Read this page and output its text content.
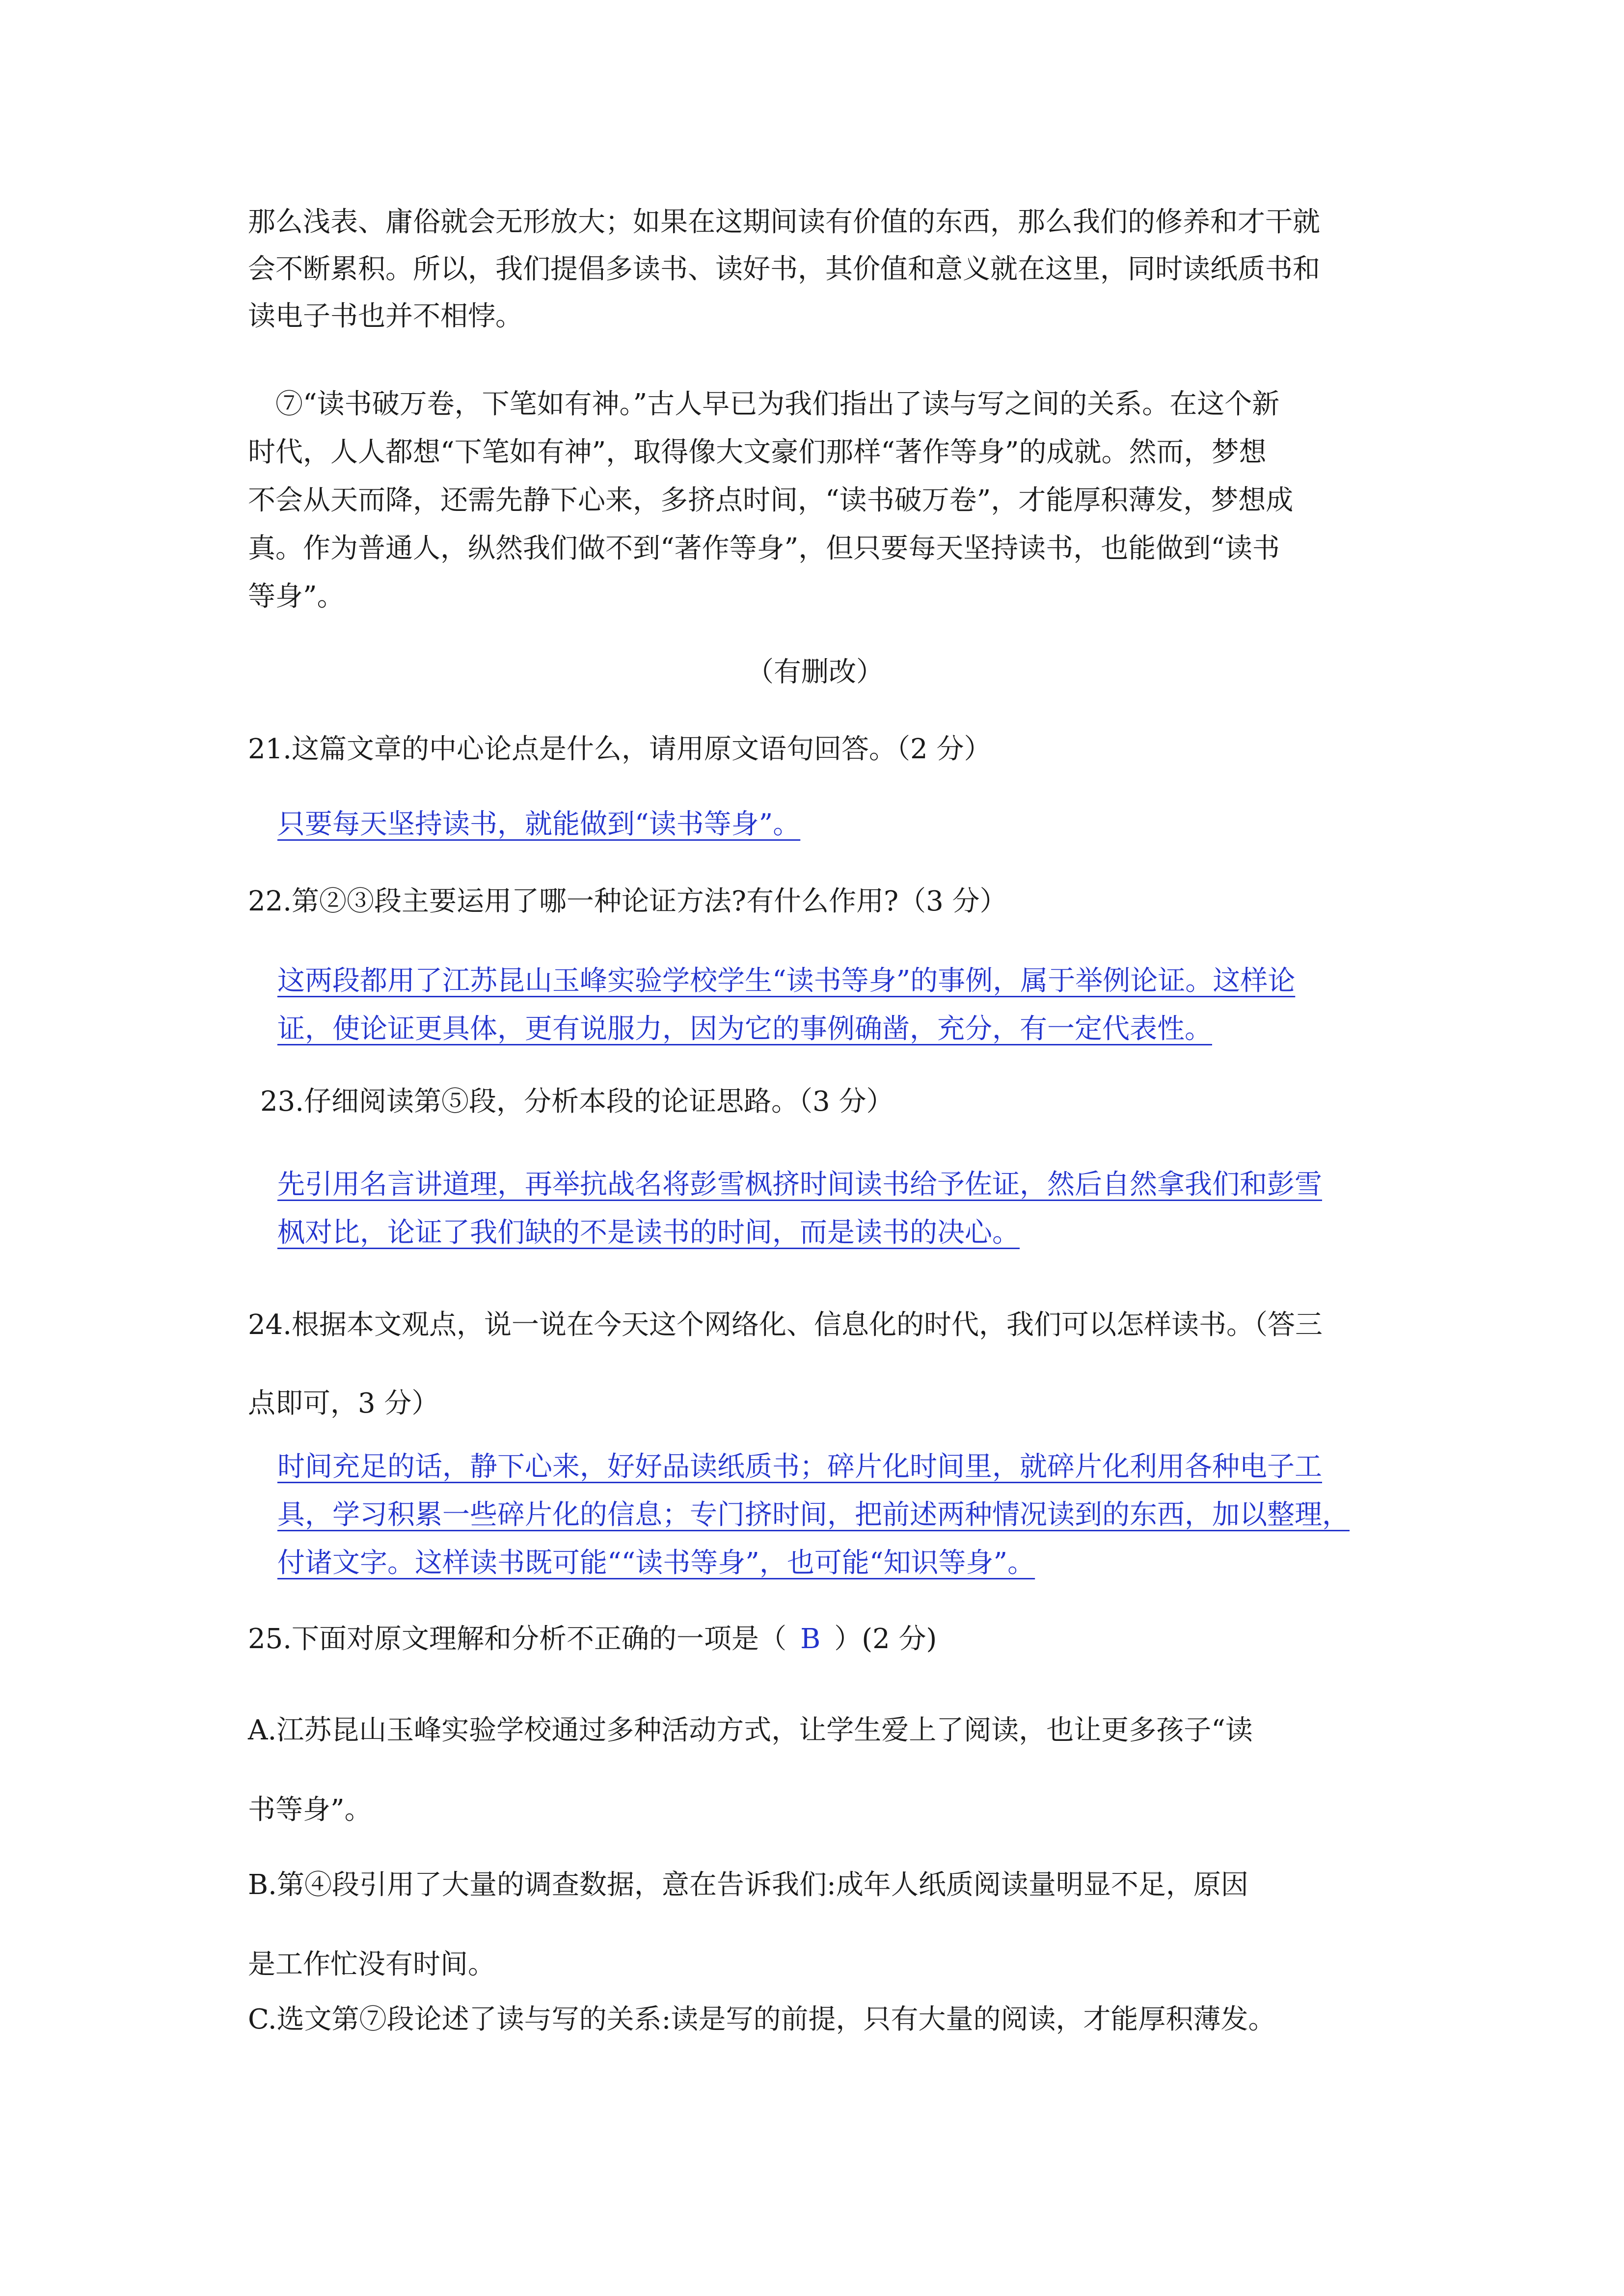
那么浅表、庸俗就会无形放大；如果在这期间读有价值的东西，那么我们的修养和才干就
会不断累积。所以，我们提倡多读书、读好书，其价值和意义就在这里，同时读纸质书和
读电子书也并不相悖。
　⑦“读书破万卷，下笔如有神。”古人早已为我们指出了读与写之间的关系。在这个新
时代，人人都想“下笔如有神”，取得像大文豪们那样“著作等身”的成就。然而，梦想
不会从天而降，还需先静下心来，多挤点时间，“读书破万卷”，才能厚积薄发，梦想成
真。作为普通人，纵然我们做不到“著作等身”，但只要每天坚持读书，也能做到“读书
等身”。
（有删改）
21.这篇文章的中心论点是什么，请用原文语句回答。（2 分）
只要每天坚持读书，就能做到“读书等身”。
22.第②③段主要运用了哪一种论证方法?有什么作用?（3 分）
这两段都用了江苏昆山玉峰实验学校学生“读书等身”的事例，属于举例论证。这样论
证，使论证更具体，更有说服力，因为它的事例确凿，充分，有一定代表性。
23.仔细阅读第⑤段，分析本段的论证思路。（3 分）
先引用名言讲道理，再举抗战名将彭雪枫挤时间读书给予佐证，然后自然拿我们和彭雪
枫对比，论证了我们缺的不是读书的时间，而是读书的决心。
24.根据本文观点，说一说在今天这个网络化、信息化的时代，我们可以怎样读书。（答三
点即可，3 分）
时间充足的话，静下心来，好好品读纸质书；碎片化时间里，就碎片化利用各种电子工
具，学习积累一些碎片化的信息；专门挤时间，把前述两种情况读到的东西，加以整理，
付诸文字。这样读书既可能““读书等身”，也可能“知识等身”。
25.下面对原文理解和分析不正确的一项是（ B ）(2 分)
A.江苏昆山玉峰实验学校通过多种活动方式，让学生爱上了阅读，也让更多孩子“读
书等身”。
B.第④段引用了大量的调查数据，意在告诉我们:成年人纸质阅读量明显不足，原因
是工作忙没有时间。
C.选文第⑦段论述了读与写的关系:读是写的前提，只有大量的阅读，才能厚积薄发。
